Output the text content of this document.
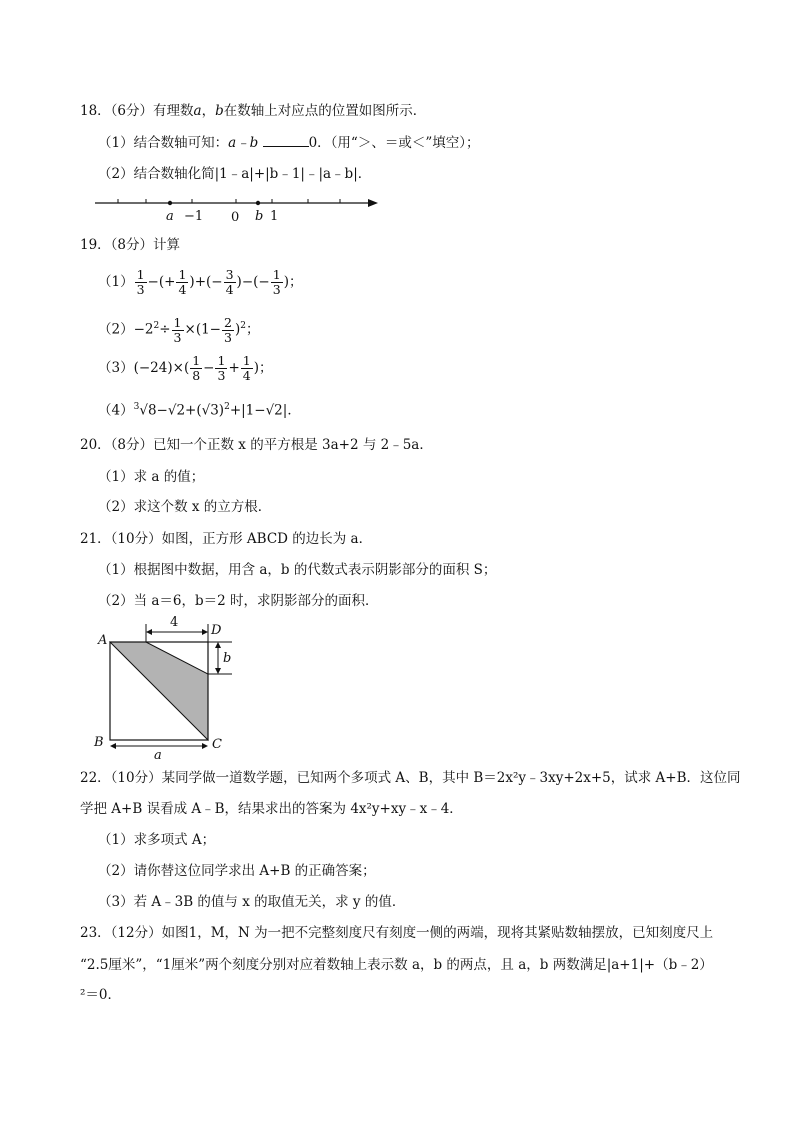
18．（6分）有理数a，b在数轴上对应点的位置如图所示．
（1）结合数轴可知：a﹣b	0．（用“＞、＝或＜”填空）；
（2）结合数轴化简|1﹣a|+|b﹣1|﹣|a﹣b|．
a −1 0 b 1
19．（8分）计算
$(1) \frac{1}{3}$ −(+ $\frac{1}{4}$ )+(− $\frac{3}{4}$ )−(− $\frac{1}{3}$ )；
$(2)-2^2\div \frac{1}{3} \times(1- \frac{2}{3} )^2$；
$(3)(-24)\times( \frac{1}{8} - \frac{1}{3} + \frac{1}{4}$ )；
$(4)^3√8-√2+(√3)^2+|1-√2|$．
20．（8分）已知一个正数 x 的平方根是 3a+2 与 2﹣5a．
（1）求 a 的值；
（2）求这个数 x 的立方根．
21．（10分）如图，正方形 ABCD 的边长为 a．
（1）根据图中数据，用含 a，b 的代数式表示阴影部分的面积 S；
（2）当 a＝6，b＝2 时，求阴影部分的面积．
4
b
a
A
D
B	C
22．（10分）某同学做一道数学题，已知两个多项式 A、B，其中 B＝2x²y﹣3xy+2x+5，试求 A+B．这位同
学把 A+B 误看成 A﹣B，结果求出的答案为 4x²y+xy﹣x﹣4．
（1）求多项式 A；
（2）请你替这位同学求出 A+B 的正确答案；
（3）若 A﹣3B 的值与 x 的取值无关，求 y 的值．
23．（12分）如图1，M，N 为一把不完整刻度尺有刻度一侧的两端，现将其紧贴数轴摆放，已知刻度尺上
“2.5厘米”，“1厘米”两个刻度分别对应着数轴上表示数 a，b 的两点，且 a，b 两数满足|a+1|+（b﹣2）
²＝0．
